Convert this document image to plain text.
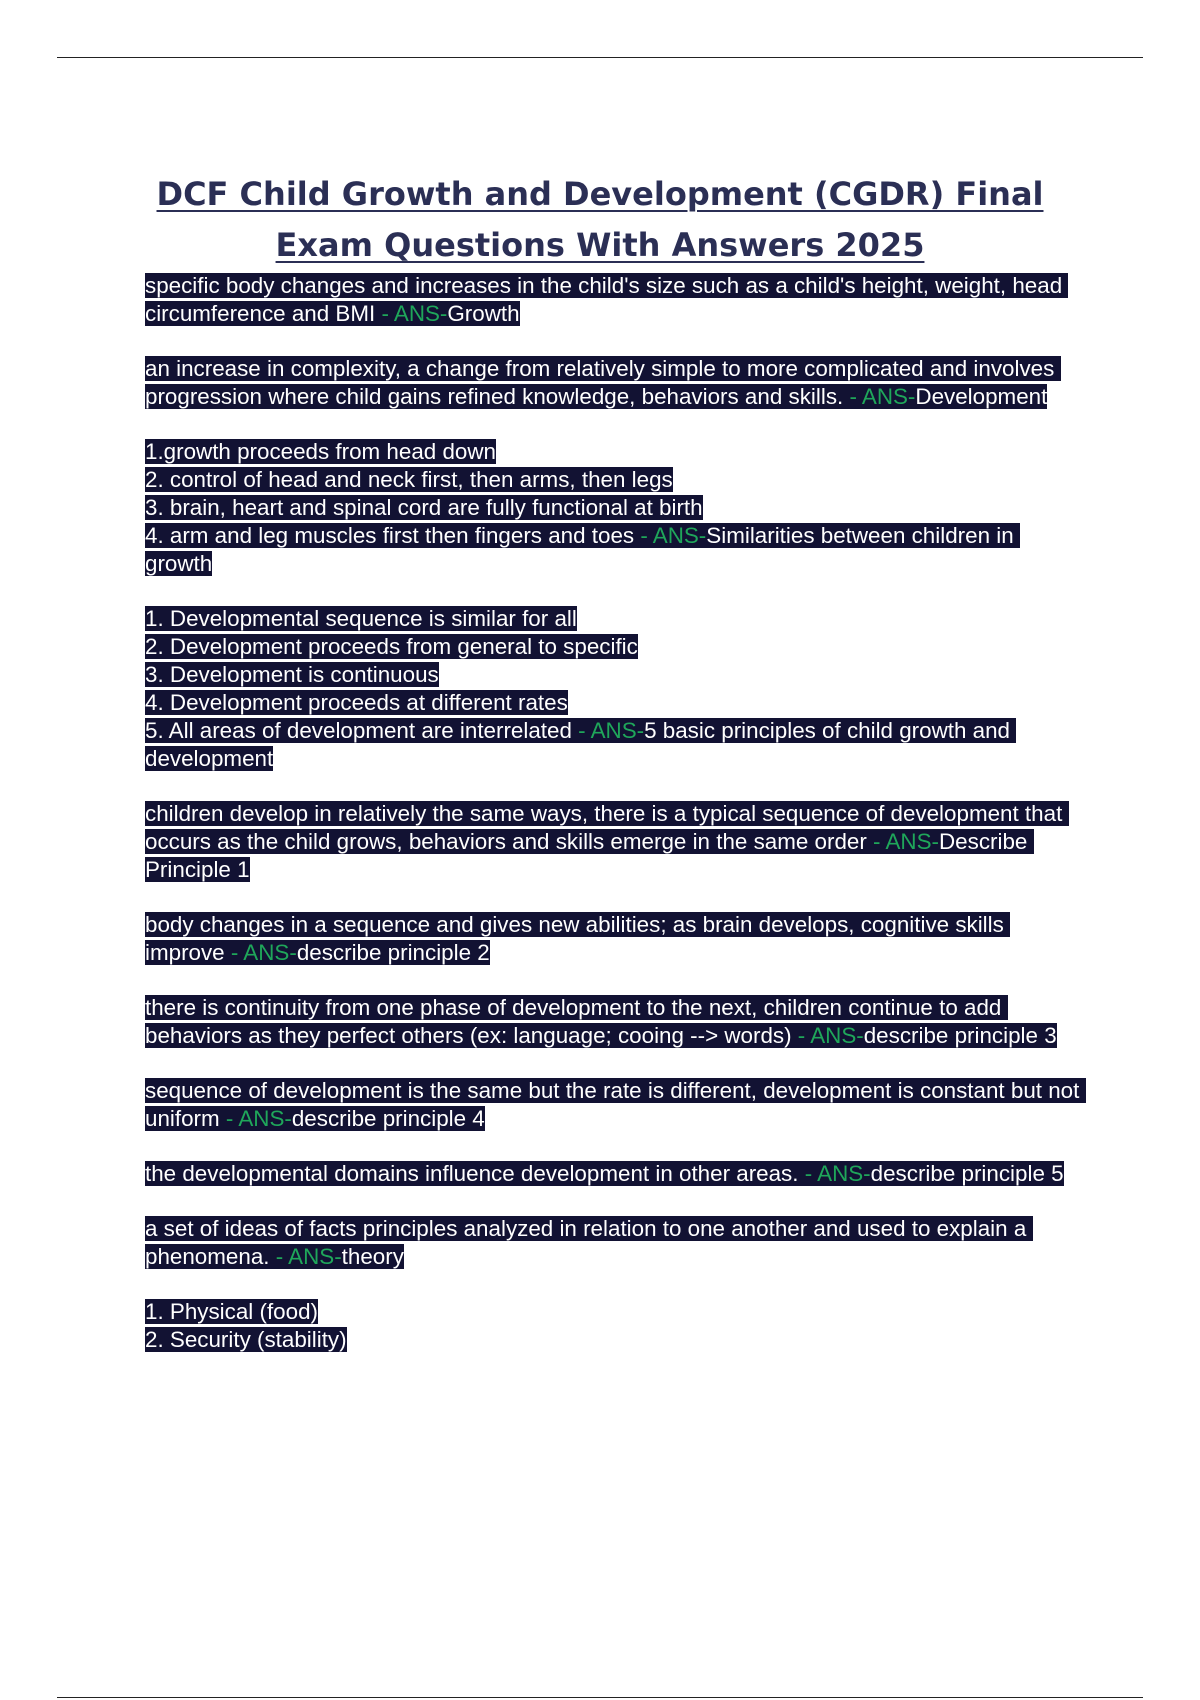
DCF Child Growth and Development (CGDR) Final
Exam Questions With Answers 2025
specific body changes and increases in the child's size such as a child's height, weight, head circumference and BMI - ANS-Growth
an increase in complexity, a change from relatively simple to more complicated and involves progression where child gains refined knowledge, behaviors and skills. - ANS-Development
1.growth proceeds from head down
2. control of head and neck first, then arms, then legs
3. brain, heart and spinal cord are fully functional at birth
4. arm and leg muscles first then fingers and toes - ANS-Similarities between children in growth
1. Developmental sequence is similar for all
2. Development proceeds from general to specific
3. Development is continuous
4. Development proceeds at different rates
5. All areas of development are interrelated - ANS-5 basic principles of child growth and development
children develop in relatively the same ways, there is a typical sequence of development that occurs as the child grows, behaviors and skills emerge in the same order - ANS-Describe Principle 1
body changes in a sequence and gives new abilities; as brain develops, cognitive skills improve - ANS-describe principle 2
there is continuity from one phase of development to the next, children continue to add behaviors as they perfect others (ex: language; cooing --> words) - ANS-describe principle 3
sequence of development is the same but the rate is different, development is constant but not uniform - ANS-describe principle 4
the developmental domains influence development in other areas. - ANS-describe principle 5
a set of ideas of facts principles analyzed in relation to one another and used to explain a phenomena. - ANS-theory
1. Physical (food)
2. Security (stability)
